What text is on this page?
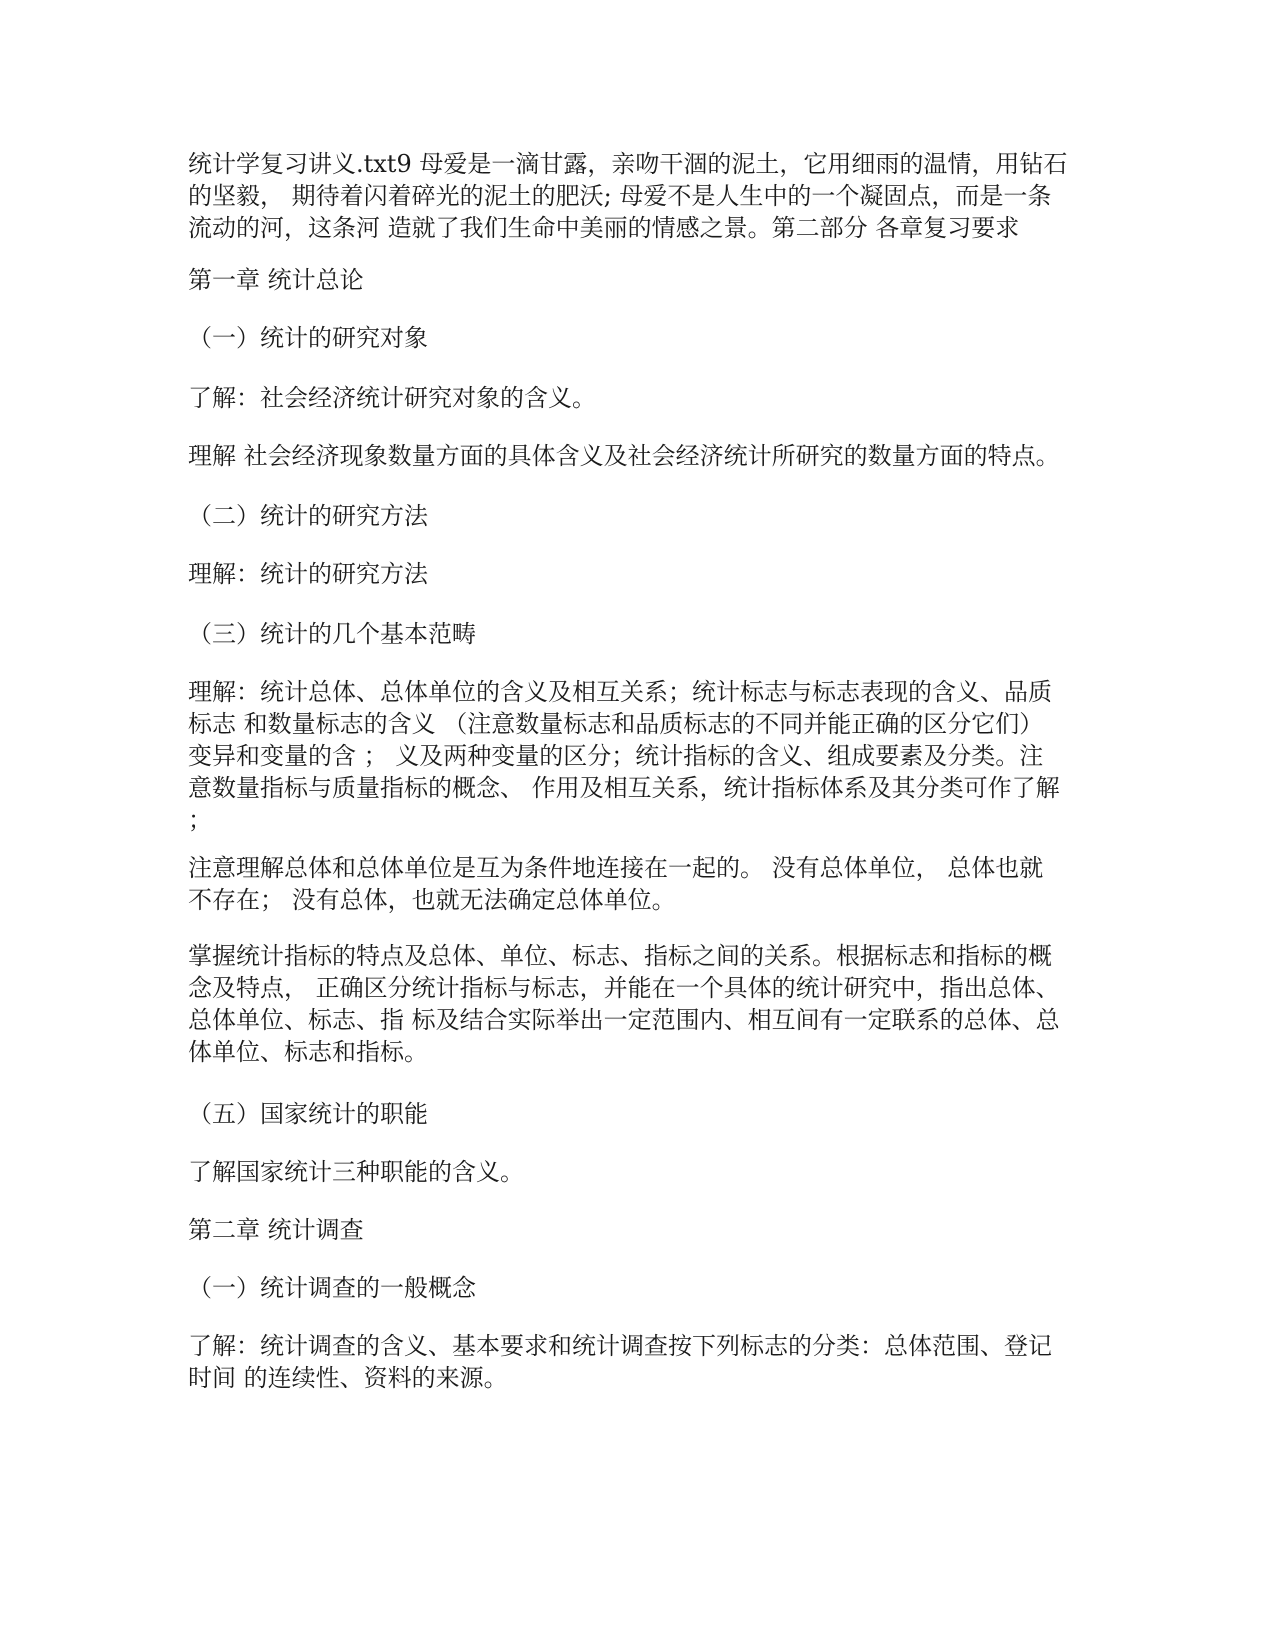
统计学复习讲义.txt9 母爱是一滴甘露，亲吻干涸的泥土，它用细雨的温情，用钻石
的坚毅， 期待着闪着碎光的泥土的肥沃; 母爱不是人生中的一个凝固点，而是一条
流动的河，这条河 造就了我们生命中美丽的情感之景。第二部分 各章复习要求
第一章 统计总论
（一）统计的研究对象
了解：社会经济统计研究对象的含义。
理解 社会经济现象数量方面的具体含义及社会经济统计所研究的数量方面的特点。
（二）统计的研究方法
理解：统计的研究方法
（三）统计的几个基本范畴
理解：统计总体、总体单位的含义及相互关系；统计标志与标志表现的含义、品质
标志 和数量标志的含义 （注意数量标志和品质标志的不同并能正确的区分它们）
变异和变量的含 ； 义及两种变量的区分；统计指标的含义、组成要素及分类。注
意数量指标与质量指标的概念、 作用及相互关系，统计指标体系及其分类可作了解
；
注意理解总体和总体单位是互为条件地连接在一起的。 没有总体单位， 总体也就
不存在； 没有总体，也就无法确定总体单位。
掌握统计指标的特点及总体、单位、标志、指标之间的关系。根据标志和指标的概
念及特点， 正确区分统计指标与标志，并能在一个具体的统计研究中，指出总体、
总体单位、标志、指 标及结合实际举出一定范围内、相互间有一定联系的总体、总
体单位、标志和指标。
（五）国家统计的职能
了解国家统计三种职能的含义。
第二章 统计调查
（一）统计调查的一般概念
了解：统计调查的含义、基本要求和统计调查按下列标志的分类：总体范围、登记
时间 的连续性、资料的来源。
